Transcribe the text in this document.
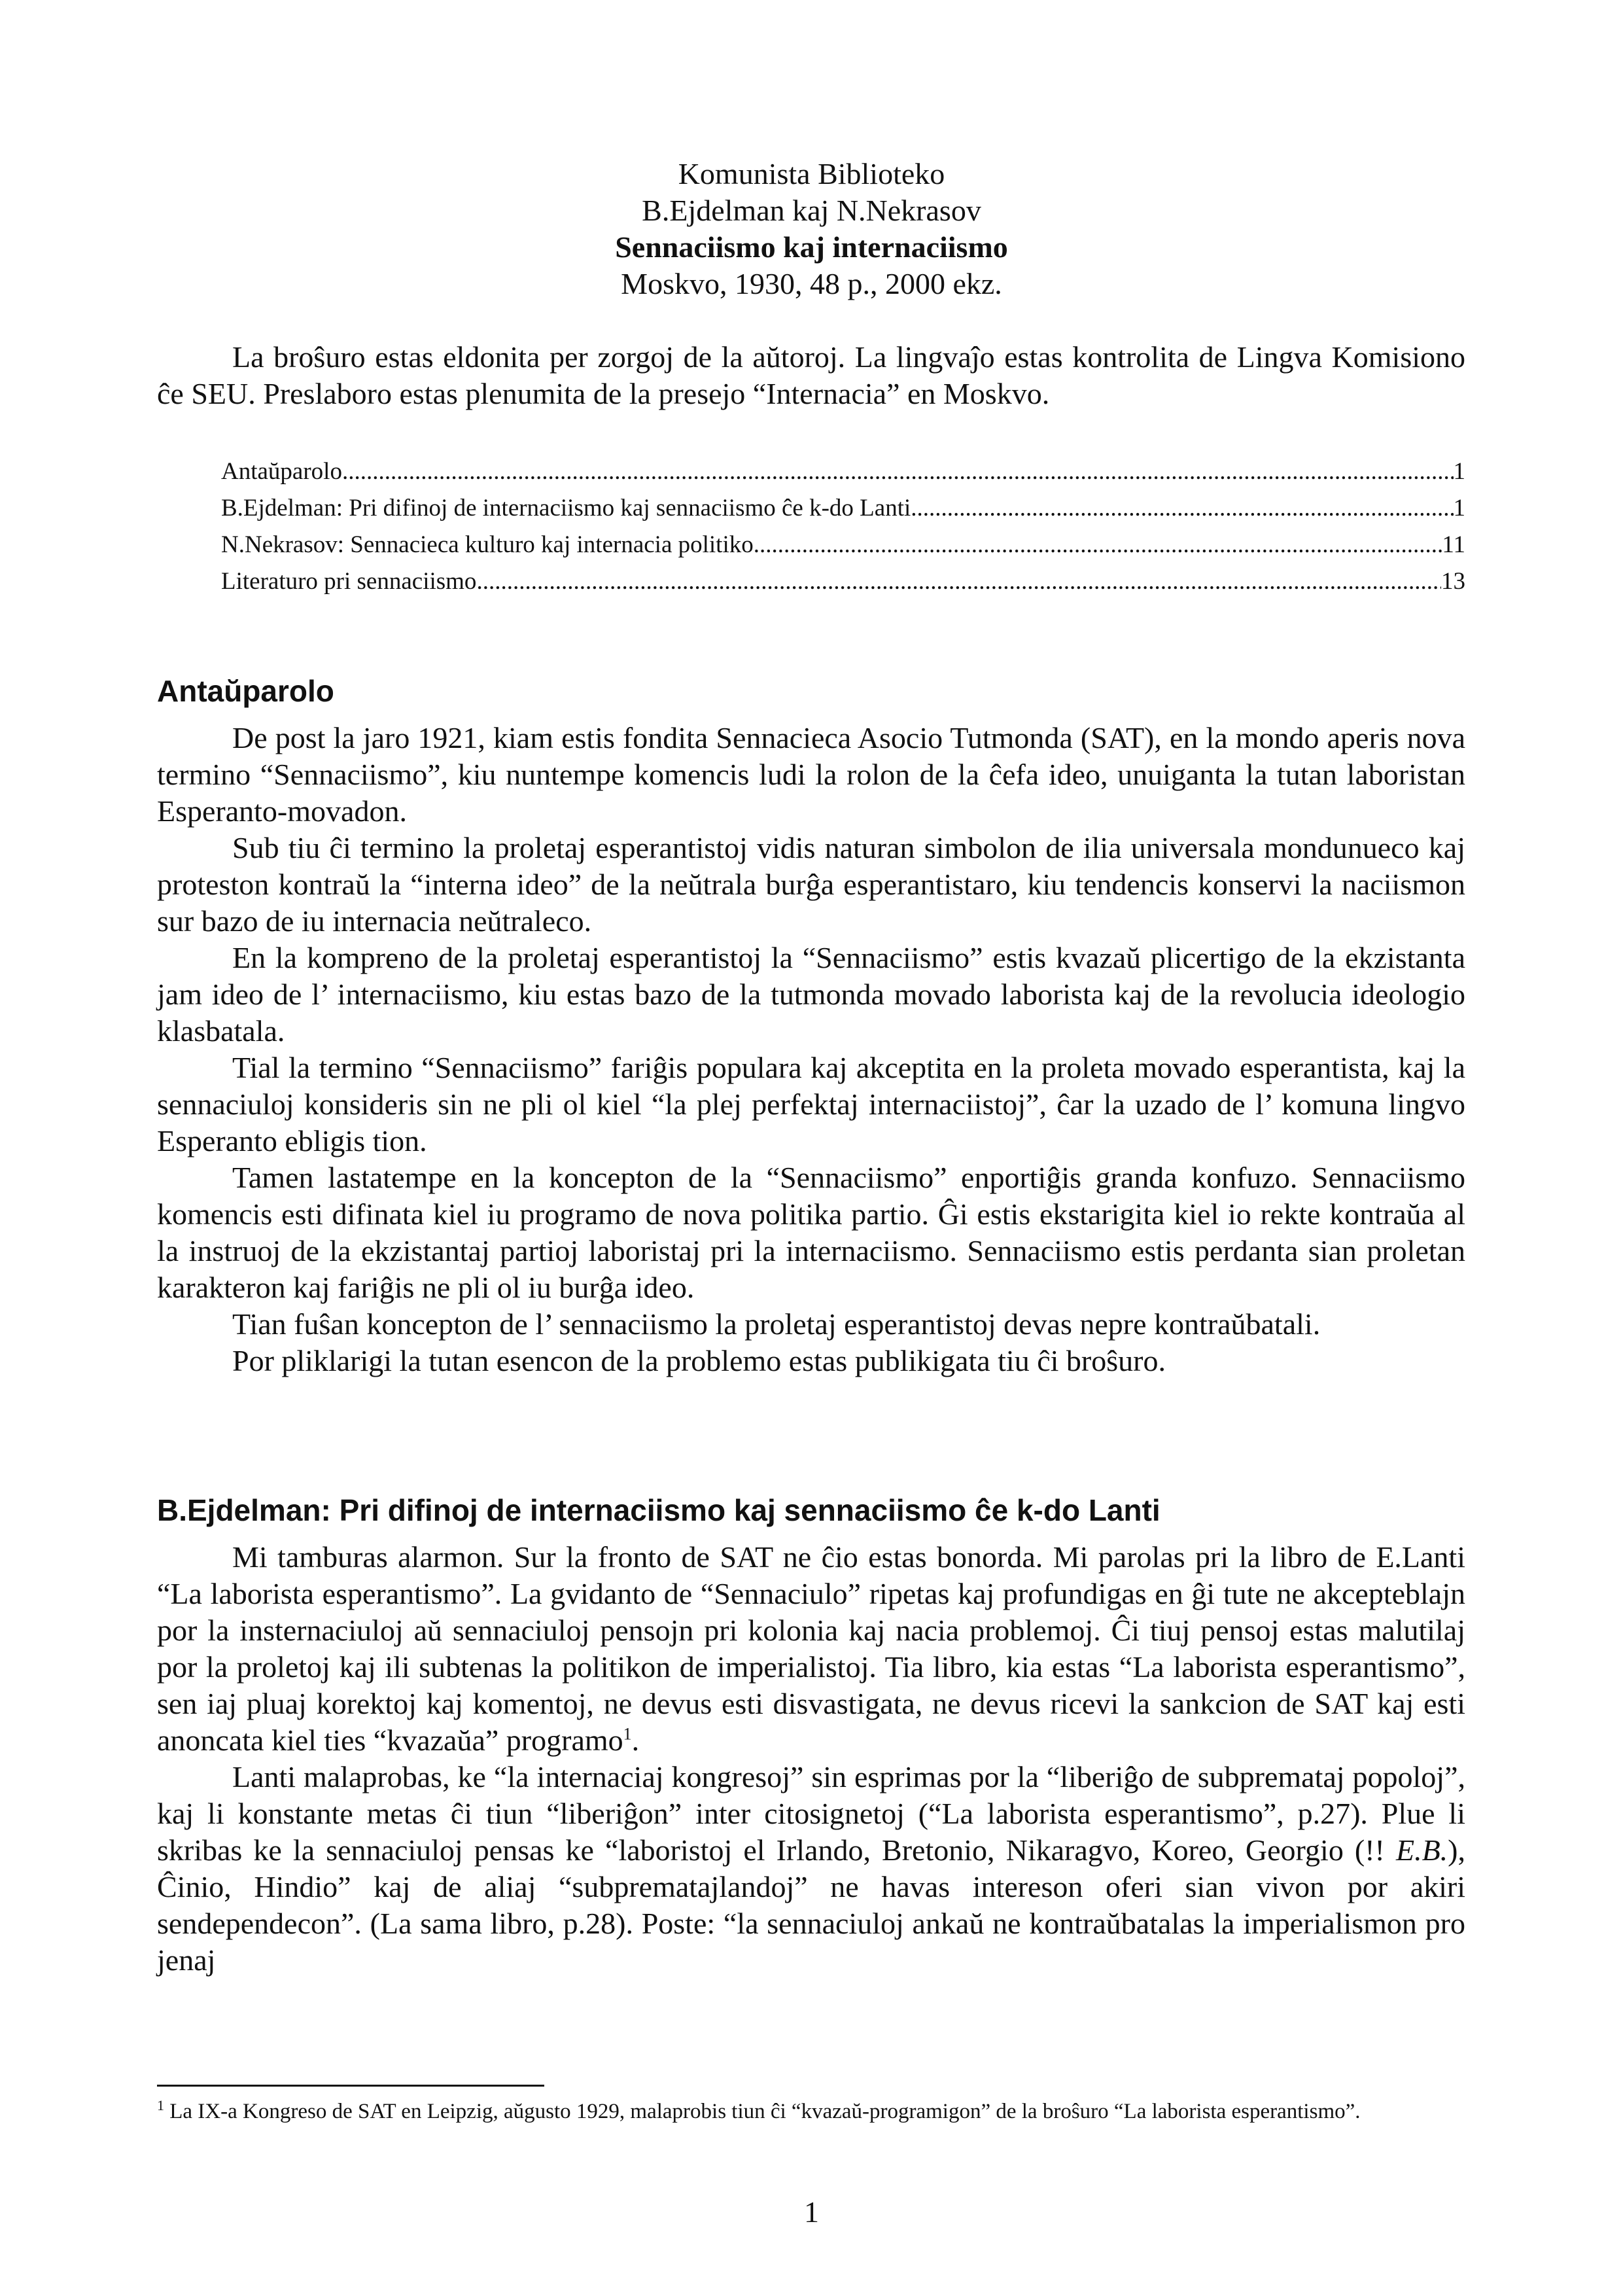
Komunista Biblioteko
B.Ejdelman kaj N.Nekrasov
Sennaciismo kaj internaciismo
Moskvo, 1930, 48 p., 2000 ekz.
La broŝuro estas eldonita per zorgoj de la aŭtoroj. La lingvaĵo estas kontrolita de Lingva Komisiono ĉe SEU. Preslaboro estas plenumita de la presejo “Internacia” en Moskvo.
Antaŭparolo .....	1
B.Ejdelman: Pri difinoj de internaciismo kaj sennaciismo ĉe k-do Lanti .....	1
N.Nekrasov: Sennacieca kulturo kaj internacia politiko .....	11
Literaturo pri sennaciismo .....	13
Antaŭparolo

De post la jaro 1921, kiam estis fondita Sennacieca Asocio Tutmonda (SAT), en la mondo aperis nova termino “Sennaciismo”, kiu nuntempe komencis ludi la rolon de la ĉefa ideo, unuiganta la tutan laboristan Esperanto-movadon.

Sub tiu ĉi termino la proletaj esperantistoj vidis naturan simbolon de ilia universala mondunueco kaj proteston kontraŭ la “interna ideo” de la neŭtrala burĝa esperantistaro, kiu tendencis konservi la naciismon sur bazo de iu internacia neŭtraleco.

En la kompreno de la proletaj esperantistoj la “Sennaciismo” estis kvazaŭ plicertigo de la ekzistanta jam ideo de l’ internaciismo, kiu estas bazo de la tutmonda movado laborista kaj de la revolucia ideologio klasbatala.

Tial la termino “Sennaciismo” fariĝis populara kaj akceptita en la proleta movado esperantista, kaj la sennaciuloj konsideris sin ne pli ol kiel “la plej perfektaj internaciistoj”, ĉar la uzado de l’ komuna lingvo Esperanto ebligis tion.

Tamen lastatempe en la koncepton de la “Sennaciismo” enportiĝis granda konfuzo. Sennaciismo komencis esti difinata kiel iu programo de nova politika partio. Ĝi estis ekstarigita kiel io rekte kontraŭa al la instruoj de la ekzistantaj partioj laboristaj pri la internaciismo. Sennaciismo estis perdanta sian proletan karakteron kaj fariĝis ne pli ol iu burĝa ideo.

Tian fuŝan koncepton de l’ sennaciismo la proletaj esperantistoj devas nepre kontraŭbatali.

Por pliklarigi la tutan esencon de la problemo estas publikigata tiu ĉi broŝuro.

B.Ejdelman: Pri difinoj de internaciismo kaj sennaciismo ĉe k-do Lanti

Mi tamburas alarmon. Sur la fronto de SAT ne ĉio estas bonorda. Mi parolas pri la libro de E.Lanti “La laborista esperantismo”. La gvidanto de “Sennaciulo” ripetas kaj profundigas en ĝi tute ne akcepteblajn por la insternaciuloj aŭ sennaciuloj pensojn pri kolonia kaj nacia problemoj. Ĉi tiuj pensoj estas malutilaj por la proletoj kaj ili subtenas la politikon de imperialistoj. Tia libro, kia estas “La laborista esperantismo”, sen iaj pluaj korektoj kaj komentoj, ne devus esti disvastigata, ne devus ricevi la sankcion de SAT kaj esti anoncata kiel ties “kvazaŭa” programo$^1$.

Lanti malaprobas, ke “la internaciaj kongresoj” sin esprimas por la “liberiĝo de subpremataj popoloj”, kaj li konstante metas ĉi tiun “liberiĝon” inter citosignetoj (“La laborista esperantismo”, p.27). Plue li skribas ke la sennaciuloj pensas ke “laboristoj el Irlando, Bretonio, Nikaragvo, Koreo, Georgio (!! E.B.), Ĉinio, Hindio” kaj de aliaj “subprematajlandoj” ne havas intereson oferi sian vivon por akiri sendependecon”. (La sama libro, p.28). Poste: “la sennaciuloj ankaŭ ne kontraŭbatalas la imperialismon pro jenaj

$^1$ La IX-a Kongreso de SAT en Leipzig, aŭgusto 1929, malaprobis tiun ĉi “kvazaŭ-programigon” de la broŝuro “La laborista esperantismo”.
1
